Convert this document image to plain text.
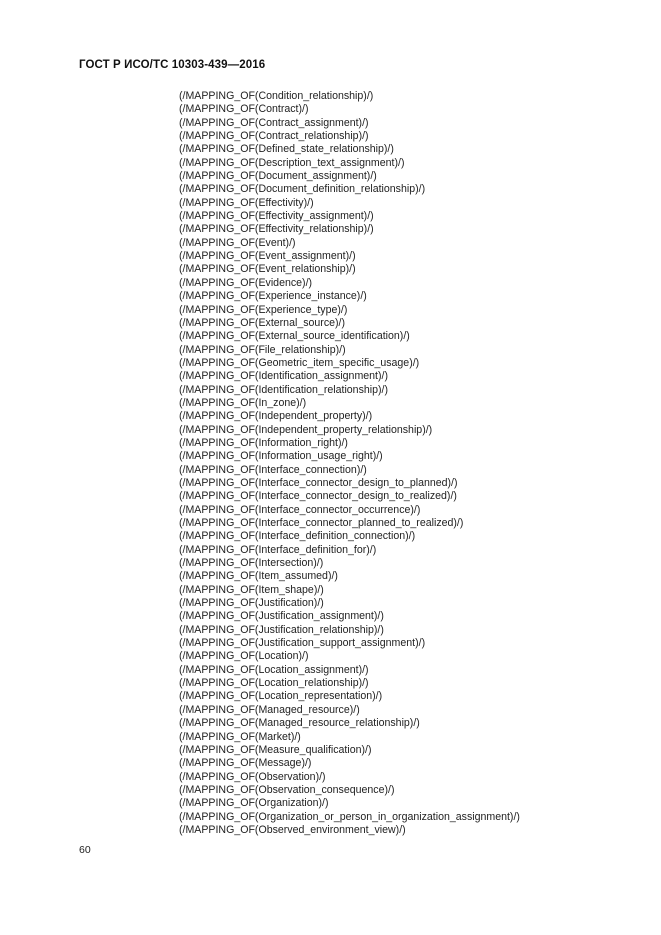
ГОСТ Р ИСО/ТС 10303-439—2016
(/MAPPING_OF(Condition_relationship)/)
(/MAPPING_OF(Contract)/)
(/MAPPING_OF(Contract_assignment)/)
(/MAPPING_OF(Contract_relationship)/)
(/MAPPING_OF(Defined_state_relationship)/)
(/MAPPING_OF(Description_text_assignment)/)
(/MAPPING_OF(Document_assignment)/)
(/MAPPING_OF(Document_definition_relationship)/)
(/MAPPING_OF(Effectivity)/)
(/MAPPING_OF(Effectivity_assignment)/)
(/MAPPING_OF(Effectivity_relationship)/)
(/MAPPING_OF(Event)/)
(/MAPPING_OF(Event_assignment)/)
(/MAPPING_OF(Event_relationship)/)
(/MAPPING_OF(Evidence)/)
(/MAPPING_OF(Experience_instance)/)
(/MAPPING_OF(Experience_type)/)
(/MAPPING_OF(External_source)/)
(/MAPPING_OF(External_source_identification)/)
(/MAPPING_OF(File_relationship)/)
(/MAPPING_OF(Geometric_item_specific_usage)/)
(/MAPPING_OF(Identification_assignment)/)
(/MAPPING_OF(Identification_relationship)/)
(/MAPPING_OF(In_zone)/)
(/MAPPING_OF(Independent_property)/)
(/MAPPING_OF(Independent_property_relationship)/)
(/MAPPING_OF(Information_right)/)
(/MAPPING_OF(Information_usage_right)/)
(/MAPPING_OF(Interface_connection)/)
(/MAPPING_OF(Interface_connector_design_to_planned)/)
(/MAPPING_OF(Interface_connector_design_to_realized)/)
(/MAPPING_OF(Interface_connector_occurrence)/)
(/MAPPING_OF(Interface_connector_planned_to_realized)/)
(/MAPPING_OF(Interface_definition_connection)/)
(/MAPPING_OF(Interface_definition_for)/)
(/MAPPING_OF(Intersection)/)
(/MAPPING_OF(Item_assumed)/)
(/MAPPING_OF(Item_shape)/)
(/MAPPING_OF(Justification)/)
(/MAPPING_OF(Justification_assignment)/)
(/MAPPING_OF(Justification_relationship)/)
(/MAPPING_OF(Justification_support_assignment)/)
(/MAPPING_OF(Location)/)
(/MAPPING_OF(Location_assignment)/)
(/MAPPING_OF(Location_relationship)/)
(/MAPPING_OF(Location_representation)/)
(/MAPPING_OF(Managed_resource)/)
(/MAPPING_OF(Managed_resource_relationship)/)
(/MAPPING_OF(Market)/)
(/MAPPING_OF(Measure_qualification)/)
(/MAPPING_OF(Message)/)
(/MAPPING_OF(Observation)/)
(/MAPPING_OF(Observation_consequence)/)
(/MAPPING_OF(Organization)/)
(/MAPPING_OF(Organization_or_person_in_organization_assignment)/)
(/MAPPING_OF(Observed_environment_view)/)
60
